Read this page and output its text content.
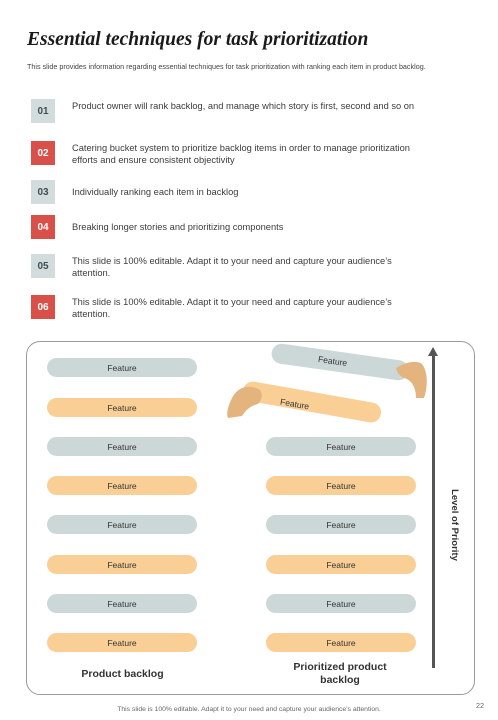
Essential techniques for task prioritization
This slide provides information regarding essential techniques for task prioritization with ranking each item in product backlog.
01	Product owner will rank backlog, and manage which story is first, second and so on
02	Catering bucket system to prioritize backlog items in order to manage prioritization efforts and ensure consistent objectivity
03	Individually ranking each item in backlog
04	Breaking longer stories and prioritizing components
05	This slide is 100% editable. Adapt it to your need and capture your audience’s attention.
06	This slide is 100% editable. Adapt it to your need and capture your audience’s attention.
Feature
Feature
Feature
Feature
Feature
Feature
Feature
Feature
Feature
Feature
Feature
Feature
Feature
Feature
Feature
Feature
Product backlog
Prioritized product backlog
Level of Priority
This slide is 100% editable. Adapt it to your need and capture your audience’s attention.	22
